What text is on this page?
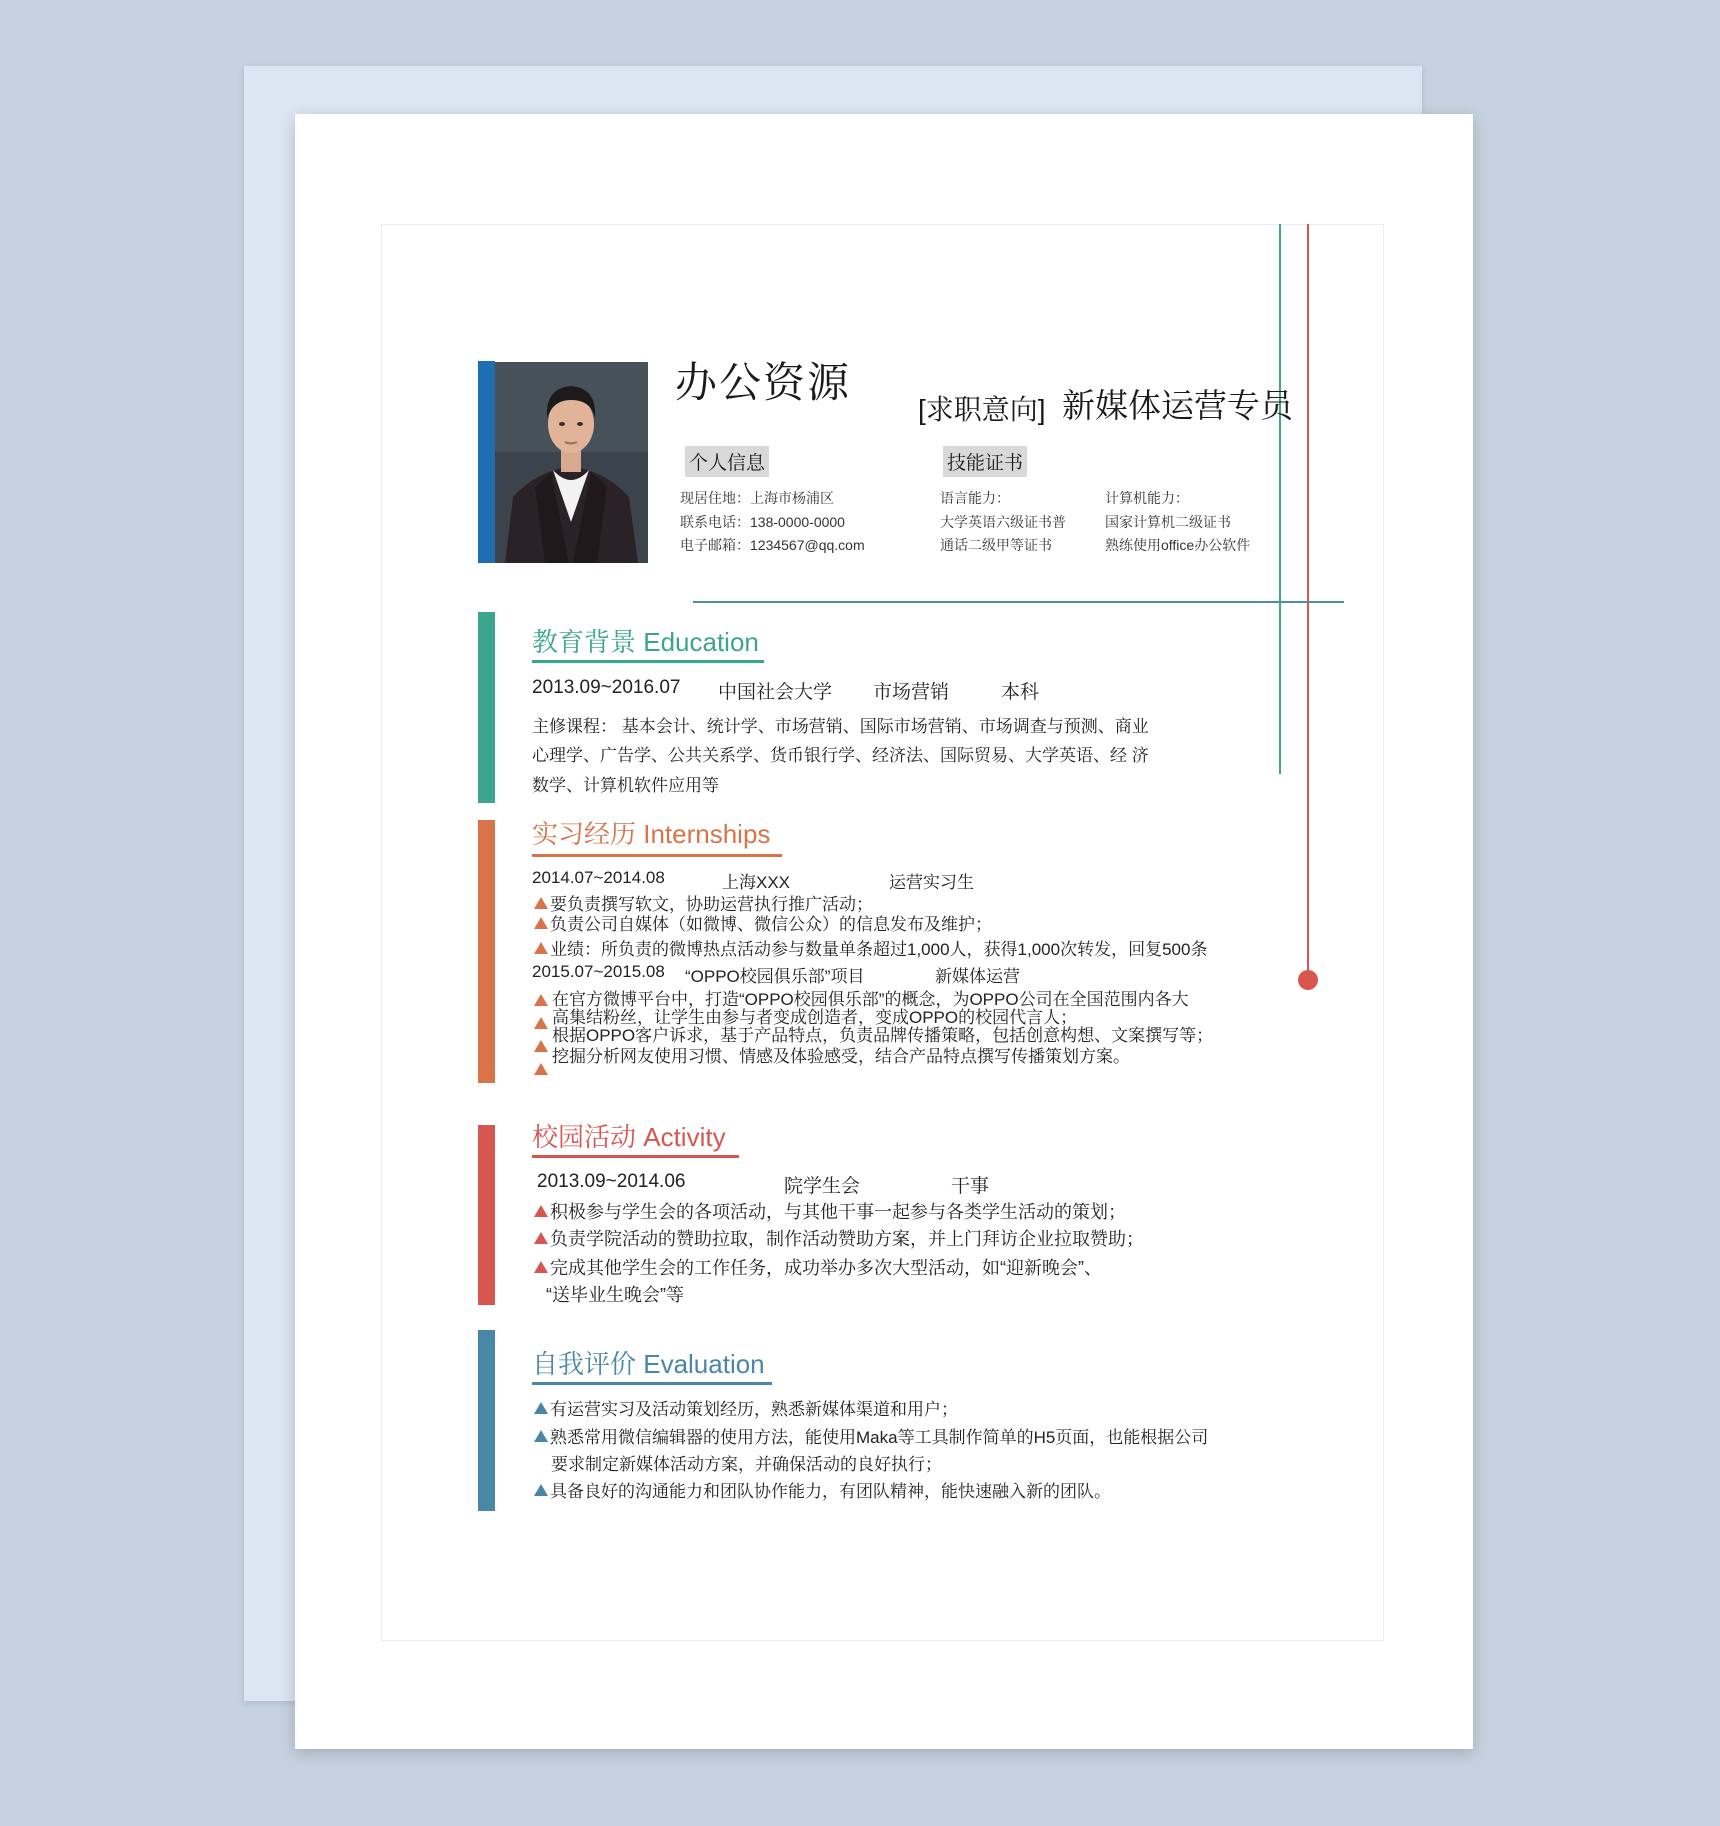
办公资源
[求职意向] 新媒体运营专员
个人信息
现居住地：上海市杨浦区
联系电话：138-0000-0000
电子邮箱：1234567@qq.com
技能证书
语言能力：
大学英语六级证书普
通话二级甲等证书
计算机能力：
国家计算机二级证书
熟练使用office办公软件
教育背景 Education
2013.09~2016.07 中国社会大学 市场营销	本科
主修课程： 基本会计、统计学、市场营销、国际市场营销、市场调查与预测、商业
心理学、广告学、公共关系学、货币银行学、经济法、国际贸易、大学英语、经 济
数学、计算机软件应用等
实习经历 Internships
2014.07~2014.08	上海XXX	运营实习生
要负责撰写软文，协助运营执行推广活动；
负责公司自媒体（如微博、微信公众）的信息发布及维护；
业绩：所负责的微博热点活动参与数量单条超过1,000人，获得1,000次转发，回复500条
2015.07~2015.08 “OPPO校园俱乐部”项目	新媒体运营
在官方微博平台中，打造“OPPO校园俱乐部”的概念，为OPPO公司在全国范围内各大
高集结粉丝，让学生由参与者变成创造者，变成OPPO的校园代言人；
根据OPPO客户诉求，基于产品特点，负责品牌传播策略，包括创意构想、文案撰写等；
挖掘分析网友使用习惯、情感及体验感受，结合产品特点撰写传播策划方案。
校园活动 Activity
2013.09~2014.06	院学生会	干事
积极参与学生会的各项活动，与其他干事一起参与各类学生活动的策划；
负责学院活动的赞助拉取，制作活动赞助方案，并上门拜访企业拉取赞助；
完成其他学生会的工作任务，成功举办多次大型活动，如“迎新晚会”、
“送毕业生晚会”等
自我评价 Evaluation
有运营实习及活动策划经历，熟悉新媒体渠道和用户；
熟悉常用微信编辑器的使用方法，能使用Maka等工具制作简单的H5页面，也能根据公司
要求制定新媒体活动方案，并确保活动的良好执行；
具备良好的沟通能力和团队协作能力，有团队精神，能快速融入新的团队。
